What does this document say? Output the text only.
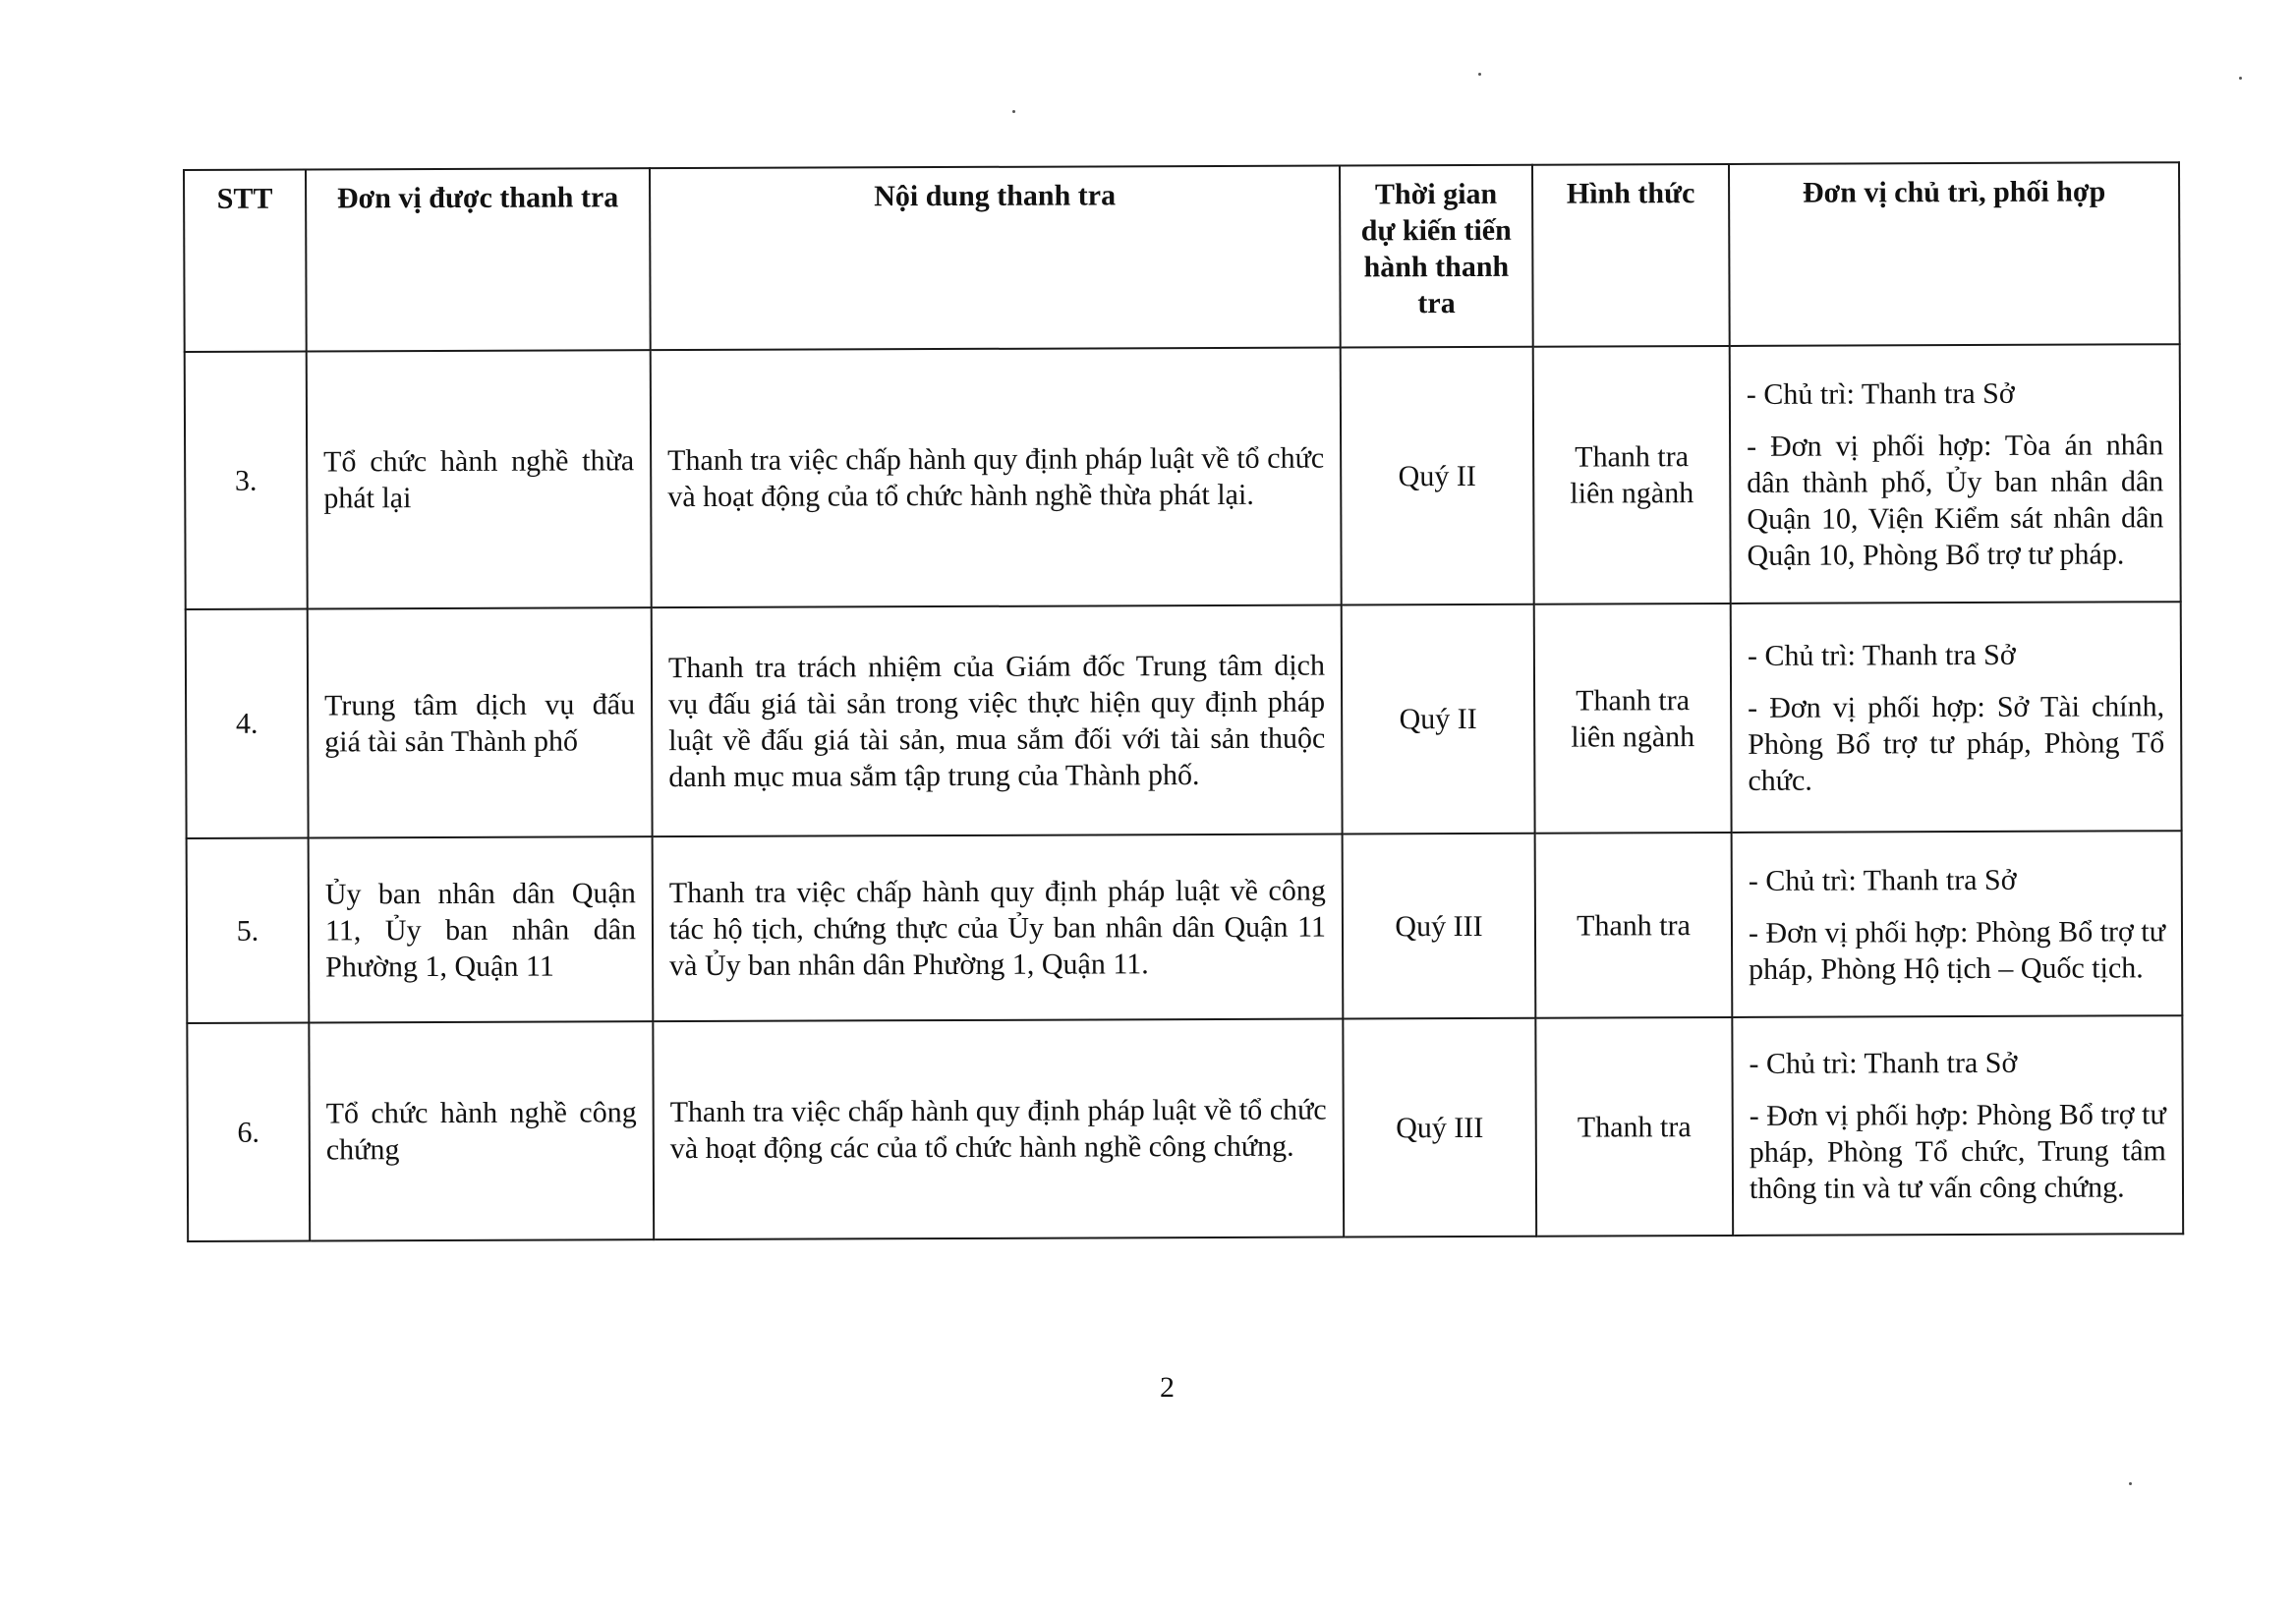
STT	Đơn vị được thanh tra	Nội dung thanh tra	Thời gian dự kiến tiến hành thanh tra	Hình thức	Đơn vị chủ trì, phối hợp
3.	Tổ chức hành nghề thừa phát lại	Thanh tra việc chấp hành quy định pháp luật về tổ chức và hoạt động của tổ chức hành nghề thừa phát lại.	Quý II	Thanh tra liên ngành	- Chủ trì: Thanh tra Sở
- Đơn vị phối hợp: Tòa án nhân dân thành phố, Ủy ban nhân dân Quận 10, Viện Kiểm sát nhân dân Quận 10, Phòng Bổ trợ tư pháp.

4.	Trung tâm dịch vụ đấu giá tài sản Thành phố	Thanh tra trách nhiệm của Giám đốc Trung tâm dịch vụ đấu giá tài sản trong việc thực hiện quy định pháp luật về đấu giá tài sản, mua sắm đối với tài sản thuộc danh mục mua sắm tập trung của Thành phố.	Quý II	Thanh tra liên ngành	- Chủ trì: Thanh tra Sở
- Đơn vị phối hợp: Sở Tài chính, Phòng Bổ trợ tư pháp, Phòng Tổ chức.

5.	Ủy ban nhân dân Quận 11, Ủy ban nhân dân Phường 1, Quận 11	Thanh tra việc chấp hành quy định pháp luật về công tác hộ tịch, chứng thực của Ủy ban nhân dân Quận 11 và Ủy ban nhân dân Phường 1, Quận 11.	Quý III	Thanh tra	- Chủ trì: Thanh tra Sở
- Đơn vị phối hợp: Phòng Bổ trợ tư pháp, Phòng Hộ tịch – Quốc tịch.

6.	Tổ chức hành nghề công chứng	Thanh tra việc chấp hành quy định pháp luật về tổ chức và hoạt động các của tổ chức hành nghề công chứng.	Quý III	Thanh tra	- Chủ trì: Thanh tra Sở
- Đơn vị phối hợp: Phòng Bổ trợ tư pháp, Phòng Tổ chức, Trung tâm thông tin và tư vấn công chứng.
2
